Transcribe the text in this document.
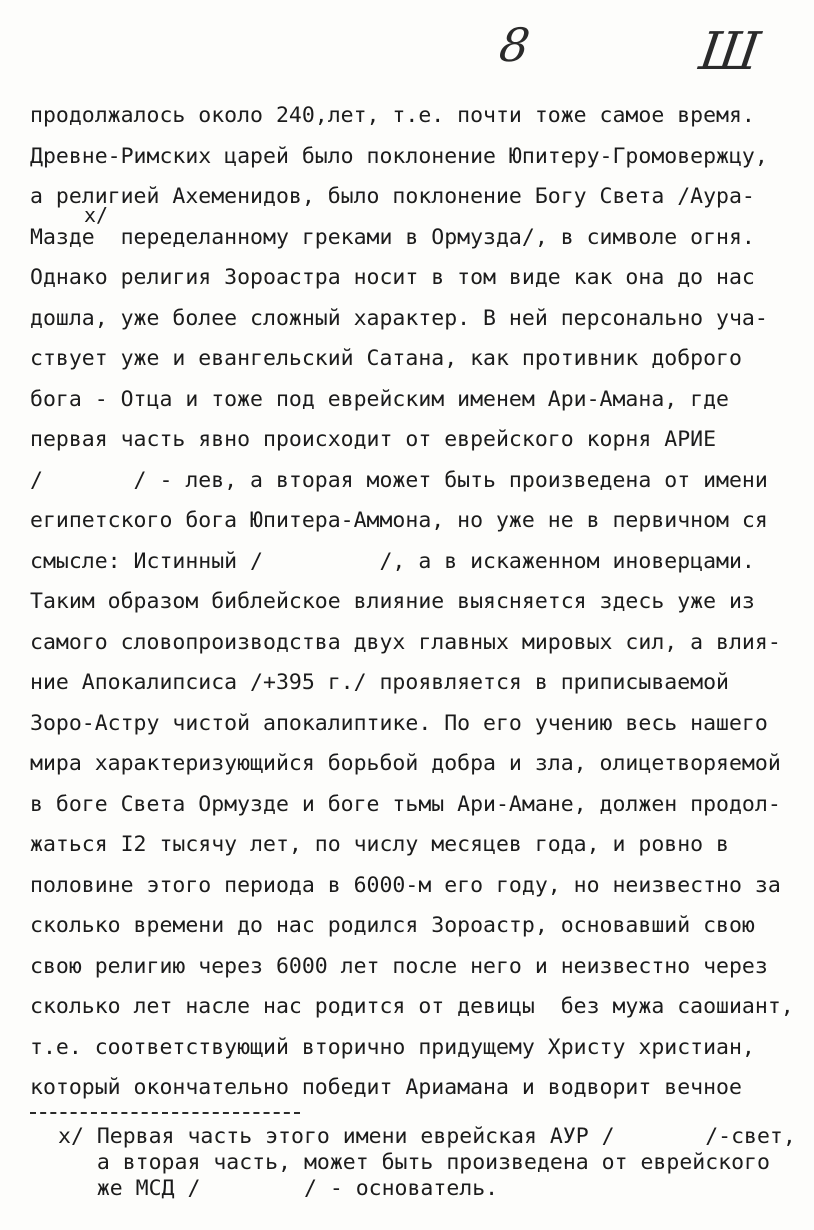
8	Ш
x/
продолжалось около 240,лет, т.е. почти тоже самое время.
Древне-Римских царей было поклонение Юпитеру-Громовержцу,
а религией Ахеменидов, было поклонение Богу Света /Аура-
Мазде  переделанному греками в Ормузда/, в символе огня.
Однако религия Зороастра носит в том виде как она до нас
дошла, уже более сложный характер. В ней персонально уча-
ствует уже и евангельский Сатана, как противник доброго
бога - Отца и тоже под еврейским именем Ари-Амана, где
первая часть явно происходит от еврейского корня АРИЕ
/       / - лев, а вторая может быть произведена от имени
египетского бога Юпитера-Аммона, но уже не в первичном ся
смысле: Истинный /         /, а в искаженном иноверцами.
Таким образом библейское влияние выясняется здесь уже из
самого словопроизводства двух главных мировых сил, а влия-
ние Апокалипсиса /+395 г./ проявляется в приписываемой
Зоро-Астру чистой апокалиптике. По его учению весь нашего
мира характеризующийся борьбой добра и зла, олицетворяемой
в боге Света Ормузде и боге тьмы Ари-Амане, должен продол-
жаться I2 тысячу лет, по числу месяцев года, и ровно в
половине этого периода в 6000-м его году, но неизвестно за
сколько времени до нас родился Зороастр, основавший свою
свою религию через 6000 лет после него и неизвестно через
сколько лет насле нас родится от девицы  без мужа саошиант,
т.е. соответствующий вторично придущему Христу христиан,
который окончательно победит Ариамана и водворит вечное
x/ Первая часть этого имени еврейская АУР /       /-свет,
а вторая часть, может быть произведена от еврейского
же МСД /        / - основатель.
